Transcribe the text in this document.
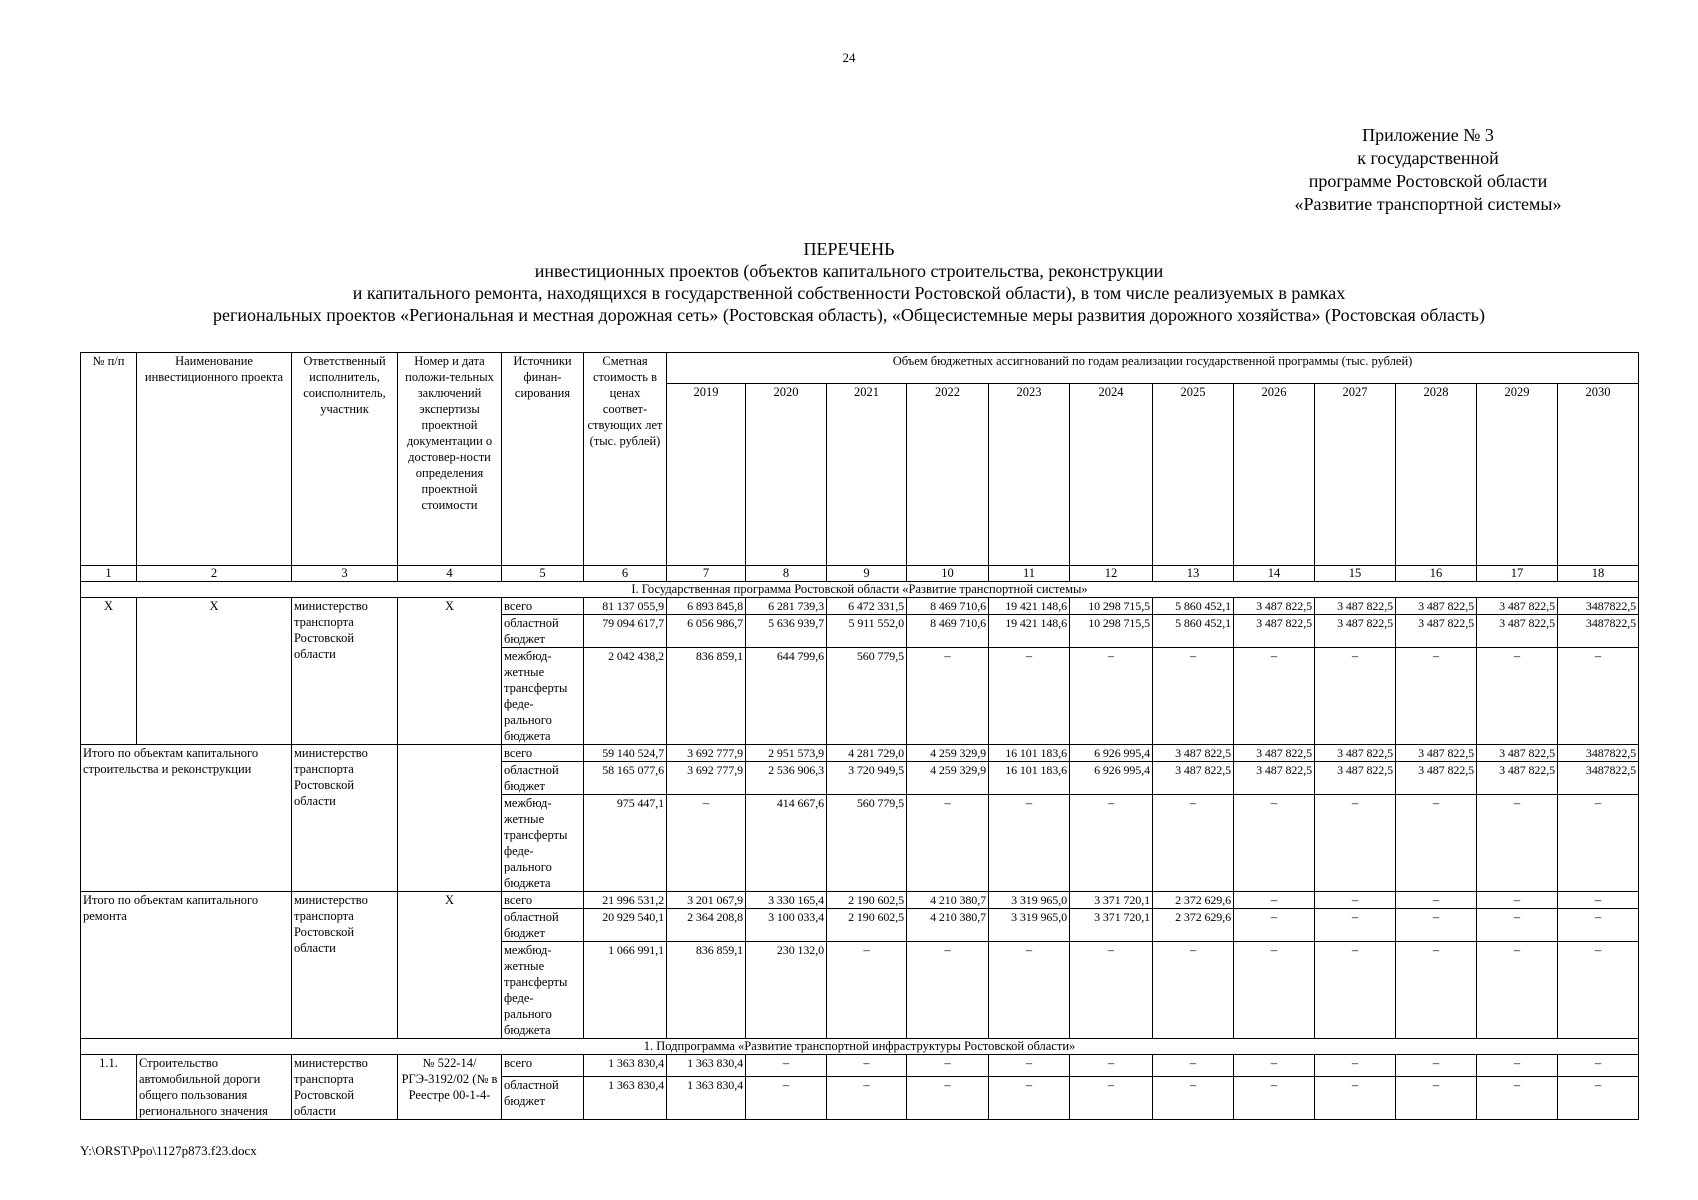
24
Приложение № 3
к государственной
программе Ростовской области
«Развитие транспортной системы»
ПЕРЕЧЕНЬ
инвестиционных проектов (объектов капитального строительства, реконструкции
и капитального ремонта, находящихся в государственной собственности Ростовской области), в том числе реализуемых в рамках
региональных проектов «Региональная и местная дорожная сеть» (Ростовская область), «Общесистемные меры развития дорожного хозяйства» (Ростовская область)
№ п/п	Наименование инвестиционного проекта	Ответственный исполнитель, соисполнитель, участник	Номер и дата положи-тельных заключений экспертизы проектной документации о достовер-ности определения проектной стоимости	Источники финан-сирования	Сметная стоимость в ценах соответ-ствующих лет (тыс. рублей)	Объем бюджетных ассигнований по годам реализации государственной программы (тыс. рублей)											
						2019	2020	2021	2022	2023	2024	2025	2026	2027	2028	2029	2030
1	2	3	4	5	6	7	8	9	10	11	12	13	14	15	16	17	18
I. Государственная программа Ростовской области «Развитие транспортной системы»																	
Х	Х	министерство транспорта Ростовской области	Х	всего	81 137 055,9	6 893 845,8	6 281 739,3	6 472 331,5	8 469 710,6	19 421 148,6	10 298 715,5	5 860 452,1	3 487 822,5	3 487 822,5	3 487 822,5	3 487 822,5	3487822,5
				областной бюджет	79 094 617,7	6 056 986,7	5 636 939,7	5 911 552,0	8 469 710,6	19 421 148,6	10 298 715,5	5 860 452,1	3 487 822,5	3 487 822,5	3 487 822,5	3 487 822,5	3487822,5
				межбюд-жетные трансферты феде-рального бюджета	2 042 438,2	836 859,1	644 799,6	560 779,5	–	–	–	–	–	–	–	–	–
Итого по объектам капитального строительства и реконструкции		министерство транспорта Ростовской области		всего	59 140 524,7	3 692 777,9	2 951 573,9	4 281 729,0	4 259 329,9	16 101 183,6	6 926 995,4	3 487 822,5	3 487 822,5	3 487 822,5	3 487 822,5	3 487 822,5	3487822,5
				областной бюджет	58 165 077,6	3 692 777,9	2 536 906,3	3 720 949,5	4 259 329,9	16 101 183,6	6 926 995,4	3 487 822,5	3 487 822,5	3 487 822,5	3 487 822,5	3 487 822,5	3487822,5
				межбюд-жетные трансферты феде-рального бюджета	975 447,1	–	414 667,6	560 779,5	–	–	–	–	–	–	–	–	–
Итого по объектам капитального ремонта		министерство транспорта Ростовской области	Х	всего	21 996 531,2	3 201 067,9	3 330 165,4	2 190 602,5	4 210 380,7	3 319 965,0	3 371 720,1	2 372 629,6	–	–	–	–	–
				областной бюджет	20 929 540,1	2 364 208,8	3 100 033,4	2 190 602,5	4 210 380,7	3 319 965,0	3 371 720,1	2 372 629,6	–	–	–	–	–
				межбюд-жетные трансферты феде-рального бюджета	1 066 991,1	836 859,1	230 132,0	–	–	–	–	–	–	–	–	–	–
1. Подпрограмма «Развитие транспортной инфраструктуры Ростовской области»																	
1.1.	Строительство автомобильной дороги общего пользования регионального значения	министерство транспорта Ростовской области	№ 522-14/РГЭ-3192/02 (№ в Реестре 00-1-4-	всего	1 363 830,4	1 363 830,4	–	–	–	–	–	–	–	–	–	–	–
				областной бюджет	1 363 830,4	1 363 830,4	–	–	–	–	–	–	–	–	–	–	–
Y:\ORST\Ppo\1127p873.f23.docx
